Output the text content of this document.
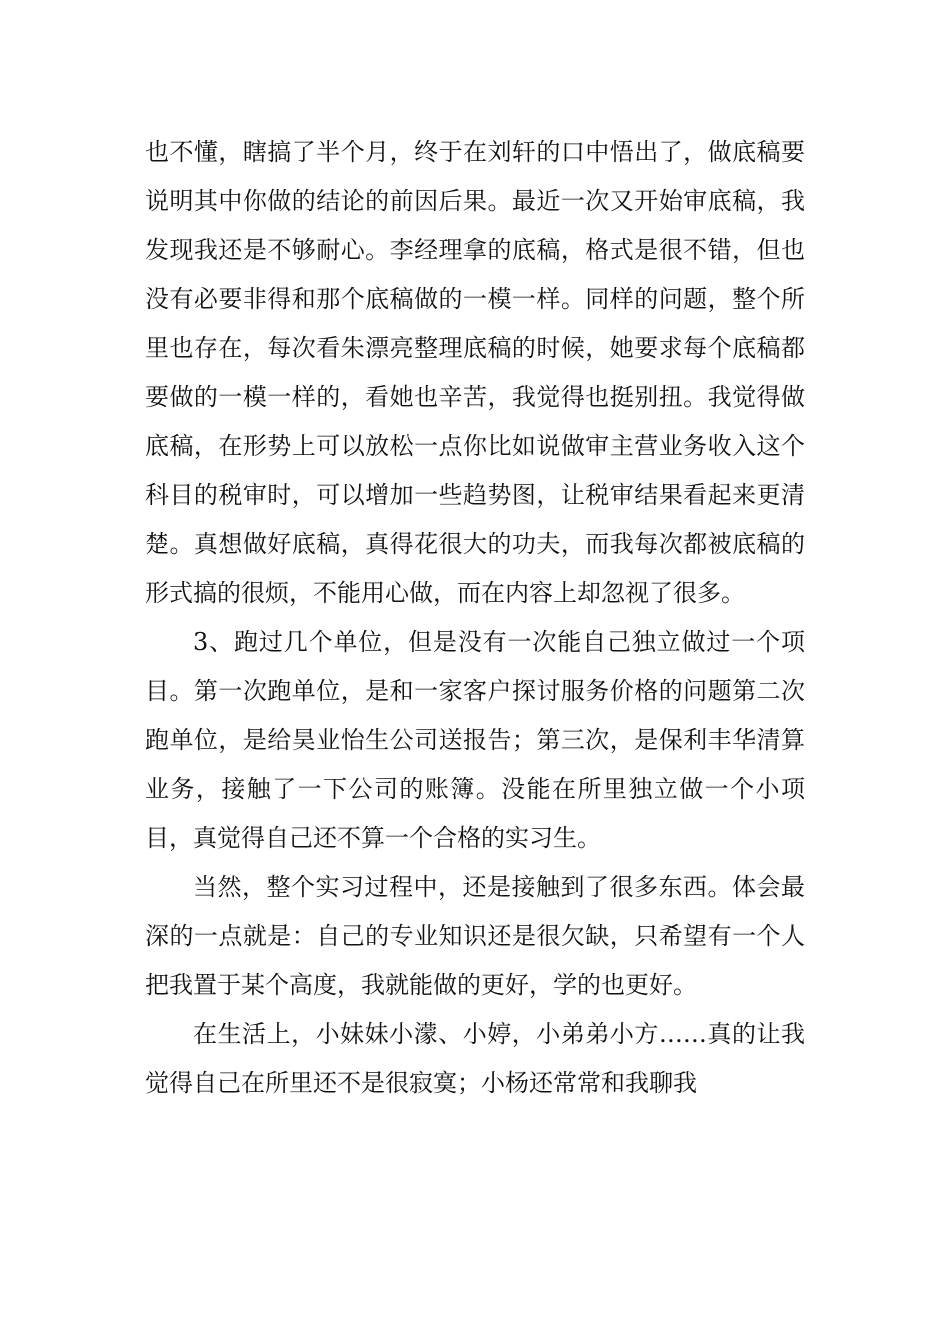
也不懂，瞎搞了半个月，终于在刘轩的口中悟出了，做底稿要说明其中你做的结论的前因后果。最近一次又开始审底稿，我发现我还是不够耐心。李经理拿的底稿，格式是很不错，但也没有必要非得和那个底稿做的一模一样。同样的问题，整个所里也存在，每次看朱漂亮整理底稿的时候，她要求每个底稿都要做的一模一样的，看她也辛苦，我觉得也挺别扭。我觉得做底稿，在形势上可以放松一点你比如说做审主营业务收入这个科目的税审时，可以增加一些趋势图，让税审结果看起来更清楚。真想做好底稿，真得花很大的功夫，而我每次都被底稿的形式搞的很烦，不能用心做，而在内容上却忽视了很多。

3、跑过几个单位，但是没有一次能自己独立做过一个项目。第一次跑单位，是和一家客户探讨服务价格的问题第二次跑单位，是给昊业怡生公司送报告；第三次，是保利丰华清算业务，接触了一下公司的账簿。没能在所里独立做一个小项目，真觉得自己还不算一个合格的实习生。

当然，整个实习过程中，还是接触到了很多东西。体会最深的一点就是：自己的专业知识还是很欠缺，只希望有一个人把我置于某个高度，我就能做的更好，学的也更好。

在生活上，小妹妹小濛、小婷，小弟弟小方……真的让我觉得自己在所里还不是很寂寞；小杨还常常和我聊我
